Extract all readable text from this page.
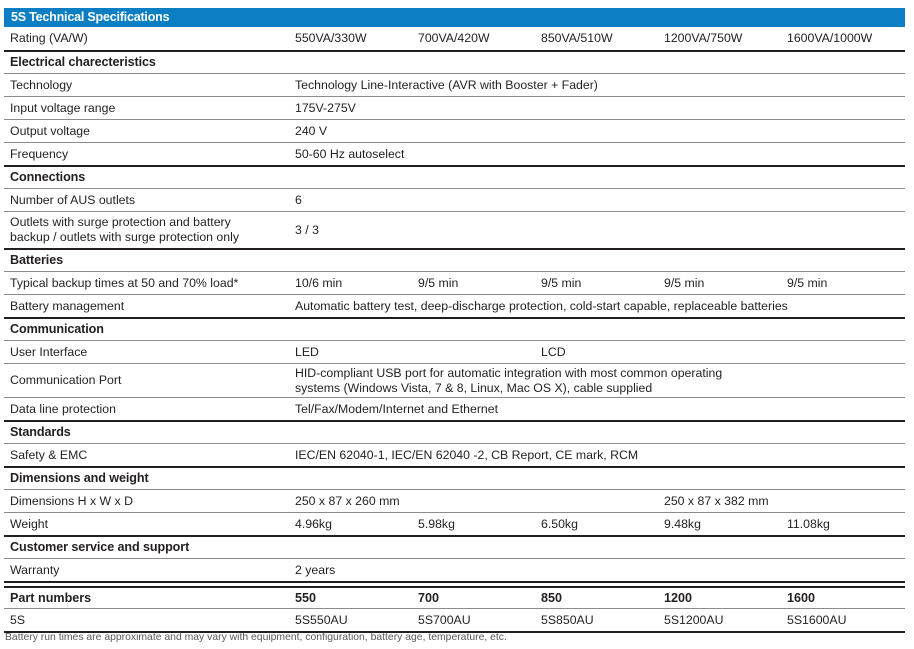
5S Technical Specifications
Rating (VA/W)	550VA/330W	700VA/420W	850VA/510W	1200VA/750W	1600VA/1000W
Electrical charecteristics					
Technology	Technology Line-Interactive (AVR with Booster + Fader)				
Input voltage range	175V-275V				
Output voltage	240 V				
Frequency	50-60 Hz autoselect				
Connections					
Number of AUS outlets	6				

Outlets with surge protection and battery
backup / outlets with surge protection only	3 / 3				
Batteries					
Typical backup times at 50 and 70% load*	10/6 min	9/5 min	9/5 min	9/5 min	9/5 min
Battery management	Automatic battery test, deep-discharge protection, cold-start capable, replaceable batteries				
Communication					
User Interface	LED		LCD		
Communication Port	HID-compliant USB port for automatic integration with most common operating
systems (Windows Vista, 7 & 8, Linux, Mac OS X), cable supplied				

Data line protection	Tel/Fax/Modem/Internet and Ethernet				
Standards					
Safety & EMC	IEC/EN 62040-1, IEC/EN 62040 -2, CB Report, CE mark, RCM				
Dimensions and weight					
Dimensions H x W x D	250 x 87 x 260 mm			250 x 87 x 382 mm	
Weight	4.96kg	5.98kg	6.50kg	9.48kg	11.08kg
Customer service and support					
Warranty	2 years				
Part numbers	550	700	850	1200	1600
5S	5S550AU	5S700AU	5S850AU	5S1200AU	5S1600AU
Battery run times are approximate and may vary with equipment, configuration, battery age, temperature, etc.
